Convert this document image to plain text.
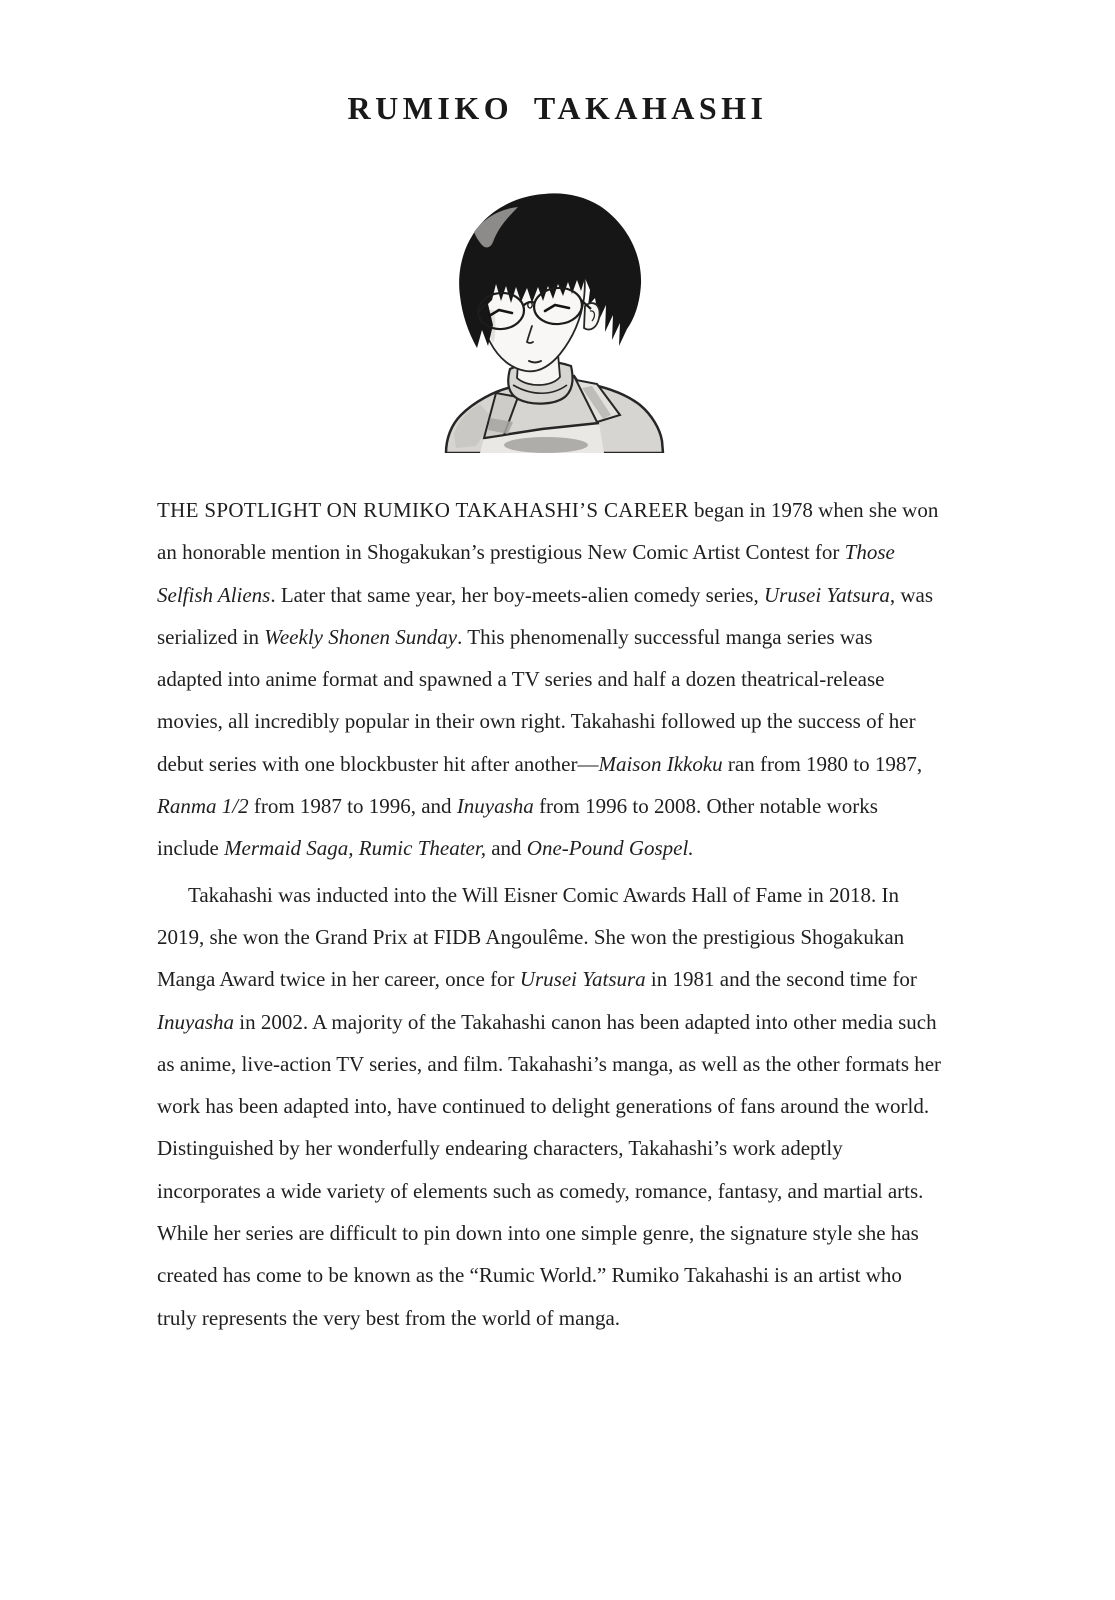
RUMIKO TAKAHASHI

THE SPOTLIGHT ON RUMIKO TAKAHASHI’S CAREER began in 1978 when she won an honorable mention in Shogakukan’s prestigious New Comic Artist Contest for Those Selfish Aliens. Later that same year, her boy-meets-alien comedy series, Urusei Yatsura, was serialized in Weekly Shonen Sunday. This phenomenally successful manga series was adapted into anime format and spawned a TV series and half a dozen theatrical-release movies, all incredibly popular in their own right. Takahashi followed up the success of her debut series with one blockbuster hit after another—Maison Ikkoku ran from 1980 to 1987, Ranma 1/2 from 1987 to 1996, and Inuyasha from 1996 to 2008. Other notable works include Mermaid Saga, Rumic Theater, and One-Pound Gospel.

Takahashi was inducted into the Will Eisner Comic Awards Hall of Fame in 2018. In 2019, she won the Grand Prix at FIDB Angoulême. She won the prestigious Shogakukan Manga Award twice in her career, once for Urusei Yatsura in 1981 and the second time for Inuyasha in 2002. A majority of the Takahashi canon has been adapted into other media such as anime, live-action TV series, and film. Takahashi’s manga, as well as the other formats her work has been adapted into, have continued to delight generations of fans around the world. Distinguished by her wonderfully endearing characters, Takahashi’s work adeptly incorporates a wide variety of elements such as comedy, romance, fantasy, and martial arts. While her series are difficult to pin down into one simple genre, the signature style she has created has come to be known as the “Rumic World.” Rumiko Takahashi is an artist who truly represents the very best from the world of manga.
